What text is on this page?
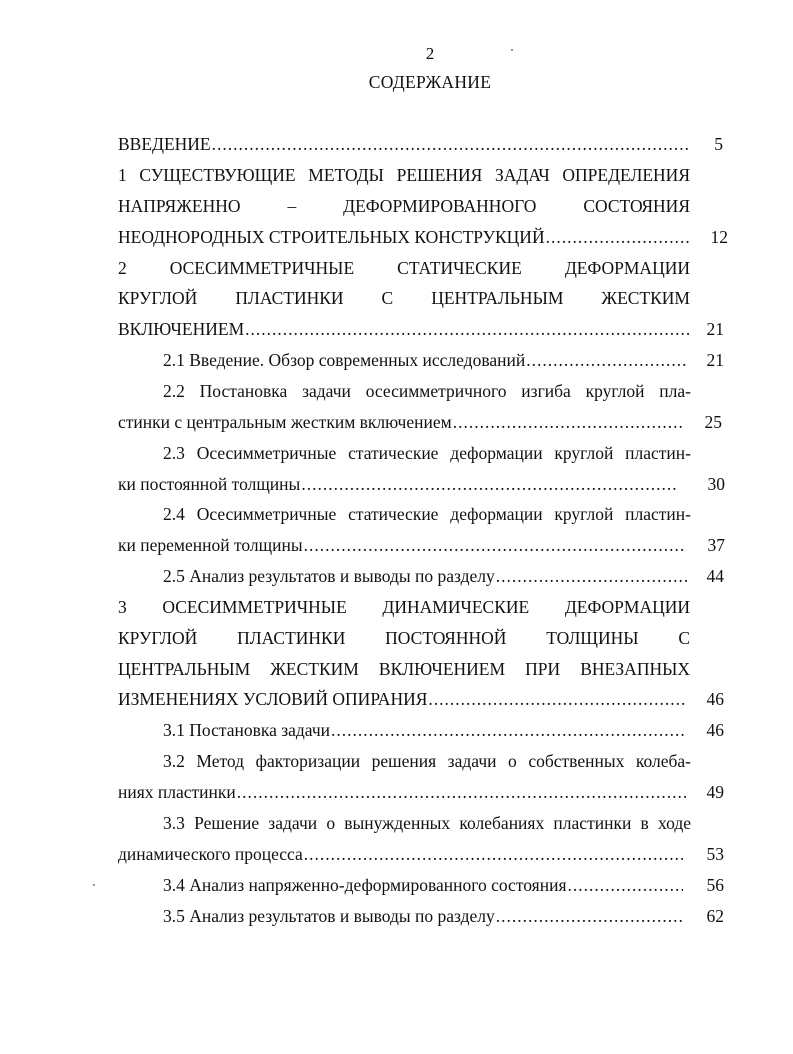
2
СОДЕРЖАНИЕ
ВВЕДЕНИЕ .....	5
1 СУЩЕСТВУЮЩИЕ МЕТОДЫ РЕШЕНИЯ ЗАДАЧ ОПРЕДЕЛЕНИЯ
НАПРЯЖЕННО – ДЕФОРМИРОВАННОГО СОСТОЯНИЯ
НЕОДНОРОДНЫХ СТРОИТЕЛЬНЫХ КОНСТРУКЦИЙ .....	12
2 ОСЕСИММЕТРИЧНЫЕ СТАТИЧЕСКИЕ ДЕФОРМАЦИИ
КРУГЛОЙ ПЛАСТИНКИ С ЦЕНТРАЛЬНЫМ ЖЕСТКИМ
ВКЛЮЧЕНИЕМ .....	21
2.1 Введение. Обзор современных исследований .....	21
2.2 Постановка задачи осесимметричного изгиба круглой пла-
стинки с центральным жестким включением .....	25
2.3 Осесимметричные статические деформации круглой пластин-
ки постоянной толщины .....	30
2.4 Осесимметричные статические деформации круглой пластин-
ки переменной толщины .....	37
2.5 Анализ результатов и выводы по разделу .....	44
3 ОСЕСИММЕТРИЧНЫЕ ДИНАМИЧЕСКИЕ ДЕФОРМАЦИИ
КРУГЛОЙ ПЛАСТИНКИ ПОСТОЯННОЙ ТОЛЩИНЫ С
ЦЕНТРАЛЬНЫМ ЖЕСТКИМ ВКЛЮЧЕНИЕМ ПРИ ВНЕЗАПНЫХ
ИЗМЕНЕНИЯХ УСЛОВИЙ ОПИРАНИЯ .....	46
3.1 Постановка задачи .....	46
3.2 Метод факторизации решения задачи о собственных колеба-
ниях пластинки .....	49
3.3 Решение задачи о вынужденных колебаниях пластинки в ходе
динамического процесса .....	53
3.4 Анализ напряженно-деформированного состояния .....	56
3.5 Анализ результатов и выводы по разделу .....	62
